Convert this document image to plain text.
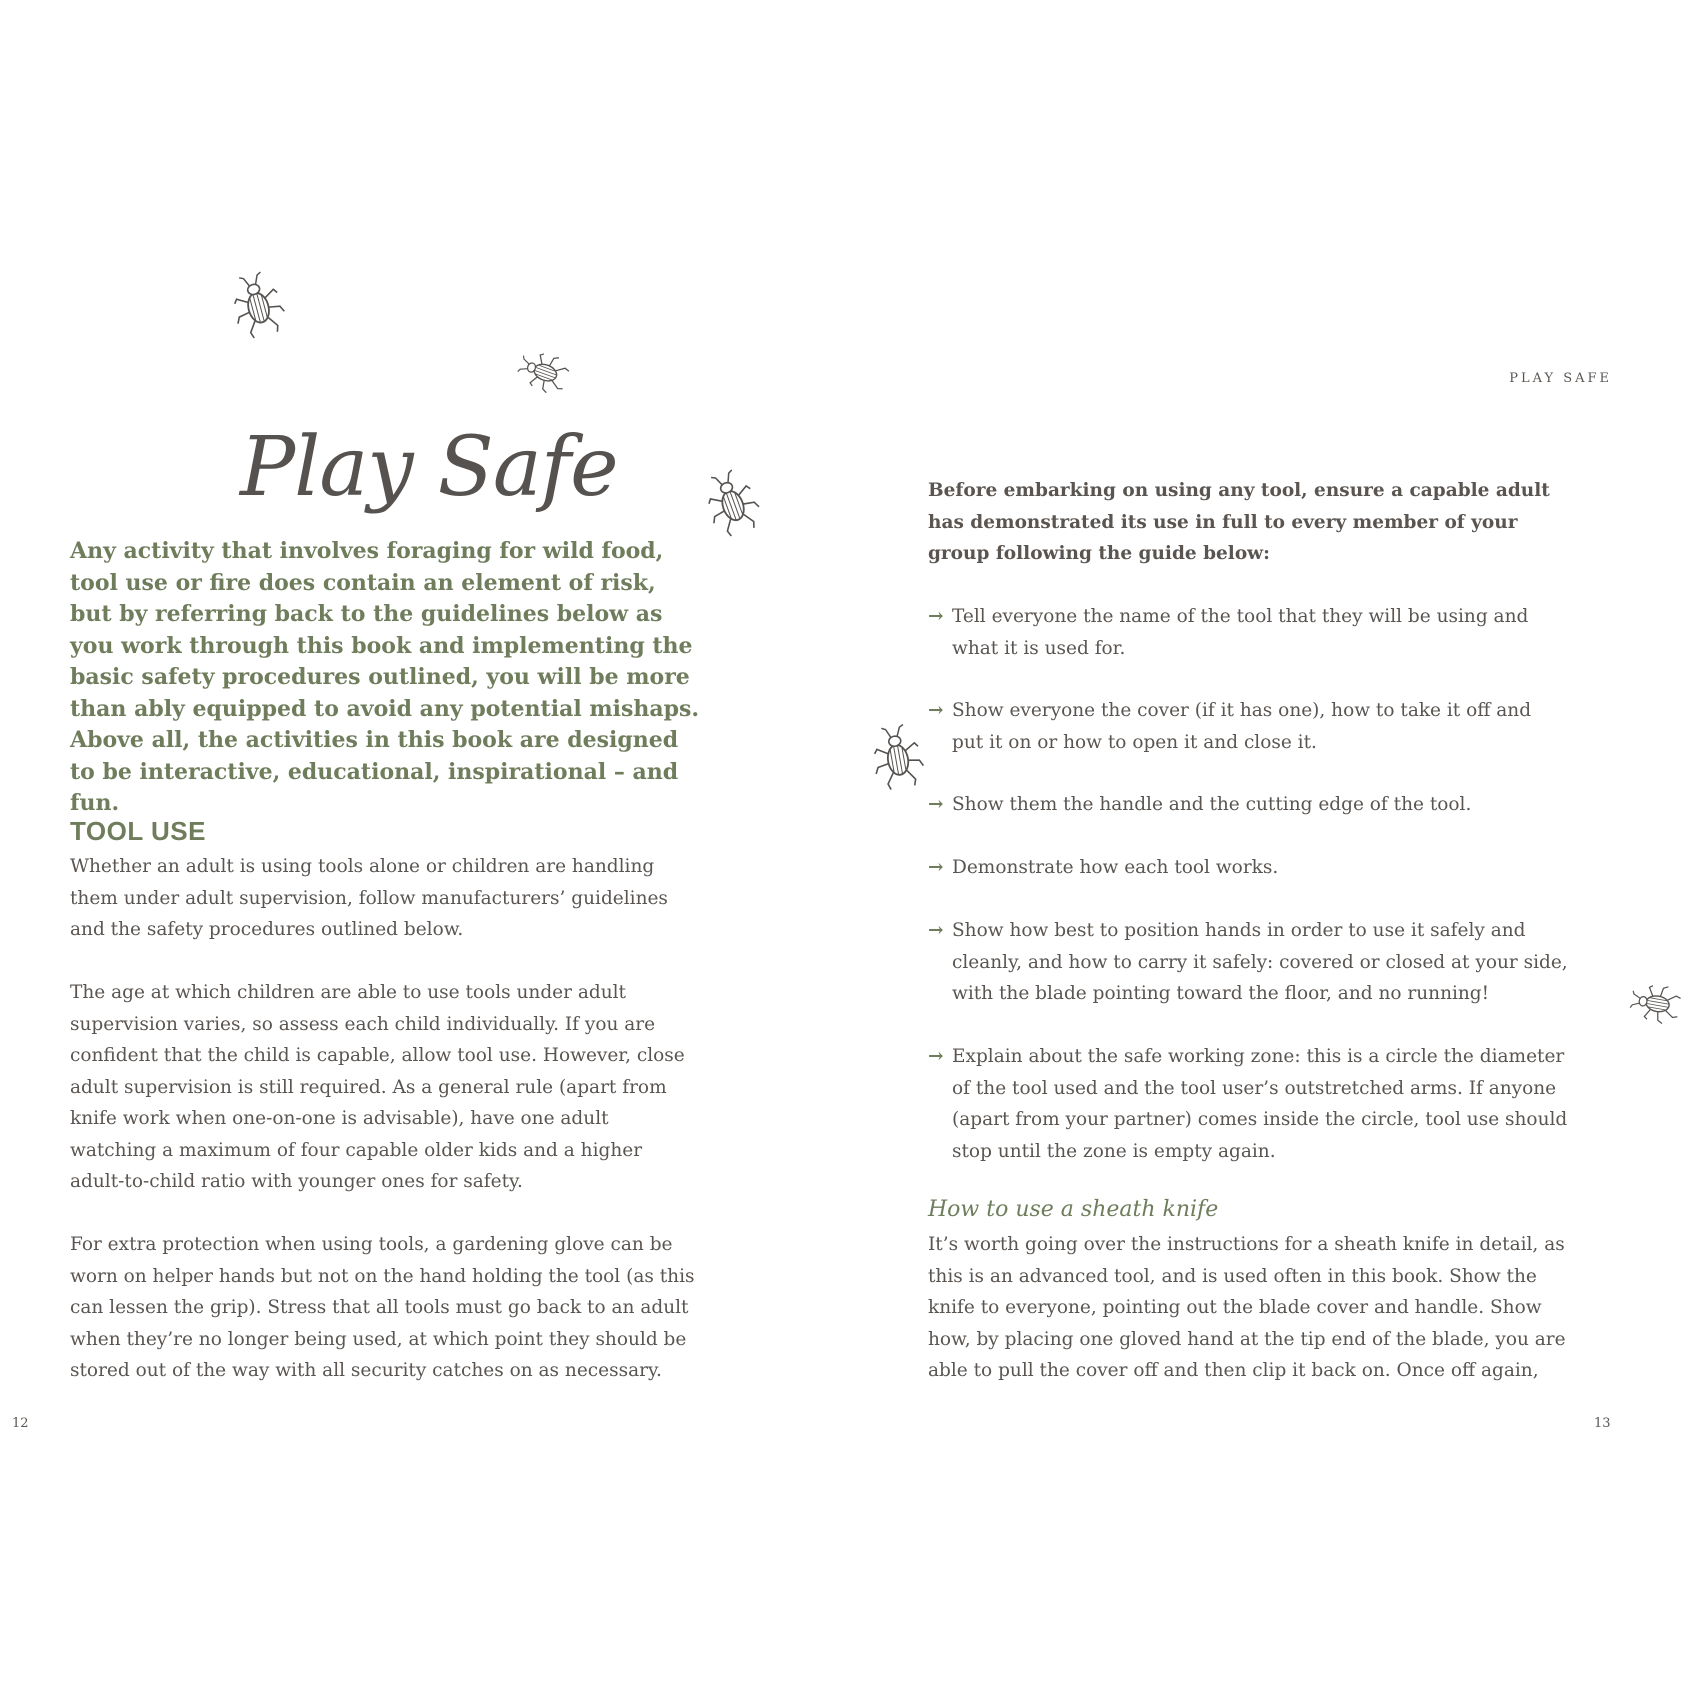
Play Safe

Any activity that involves foraging for wild food, tool use or fire does contain an element of risk, but by referring back to the guidelines below as you work through this book and implementing the basic safety procedures outlined, you will be more than ably equipped to avoid any potential mishaps. Above all, the activities in this book are designed to be interactive, educational, inspirational – and fun.

TOOL USE

Whether an adult is using tools alone or children are handling them under adult supervision, follow manufacturers’ guidelines and the safety procedures outlined below.

The age at which children are able to use tools under adult supervision varies, so assess each child individually. If you are confident that the child is capable, allow tool use. However, close adult supervision is still required. As a general rule (apart from knife work when one-on-one is advisable), have one adult watching a maximum of four capable older kids and a higher adult-to-child ratio with younger ones for safety.

For extra protection when using tools, a gardening glove can be worn on helper hands but not on the hand holding the tool (as this can lessen the grip). Stress that all tools must go back to an adult when they’re no longer being used, at which point they should be stored out of the way with all security catches on as necessary.

12
PLAY SAFE

Before embarking on using any tool, ensure a capable adult has demonstrated its use in full to every member of your group following the guide below:

→ Tell everyone the name of the tool that they will be using and what it is used for.
→ Show everyone the cover (if it has one), how to take it off and put it on or how to open it and close it.
→ Show them the handle and the cutting edge of the tool.
→ Demonstrate how each tool works.
→ Show how best to position hands in order to use it safely and cleanly, and how to carry it safely: covered or closed at your side, with the blade pointing toward the floor, and no running!
→ Explain about the safe working zone: this is a circle the diameter of the tool used and the tool user’s outstretched arms. If anyone (apart from your partner) comes inside the circle, tool use should stop until the zone is empty again.
How to use a sheath knife

It’s worth going over the instructions for a sheath knife in detail, as this is an advanced tool, and is used often in this book. Show the knife to everyone, pointing out the blade cover and handle. Show how, by placing one gloved hand at the tip end of the blade, you are able to pull the cover off and then clip it back on. Once off again,

13
